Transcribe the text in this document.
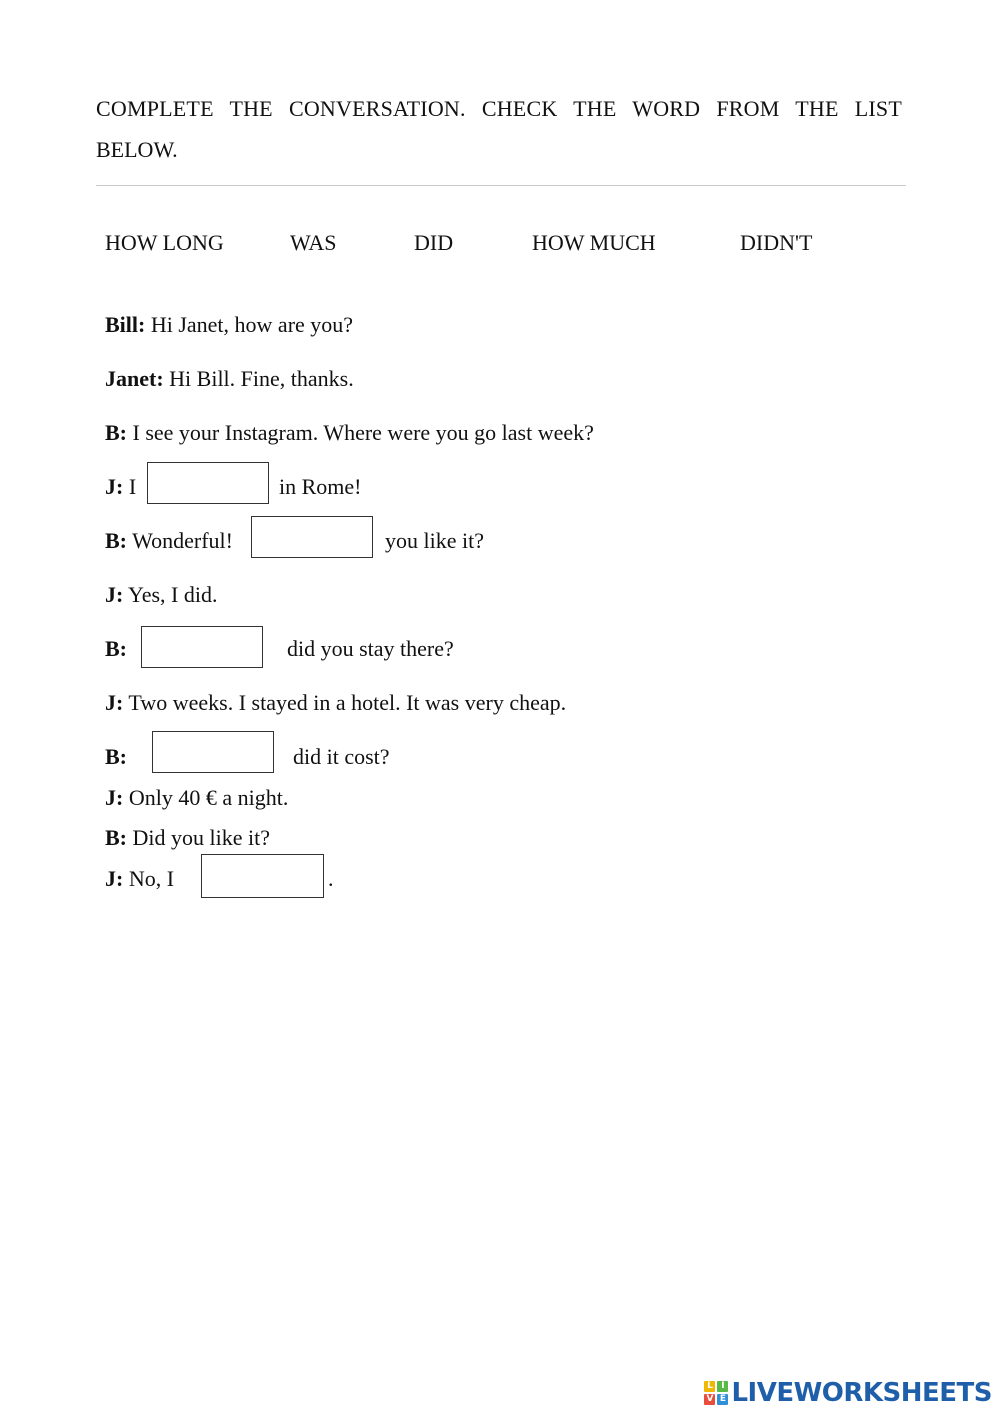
COMPLETE THE CONVERSATION. CHECK THE WORD FROM THE LIST
BELOW.
HOW LONG	WAS	DID	HOW MUCH	DIDN'T
Bill: Hi Janet, how are you?
Janet: Hi Bill. Fine, thanks.
B: I see your Instagram. Where were you go last week?
J: I	in Rome!
B: Wonderful!	you like it?
J: Yes, I did.
B:	did you stay there?
J: Two weeks. I stayed in a hotel. It was very cheap.
B:	did it cost?
J: Only 40 € a night.
B: Did you like it?
J: No, I	.
L I
V E LIVEWORKSHEETS
